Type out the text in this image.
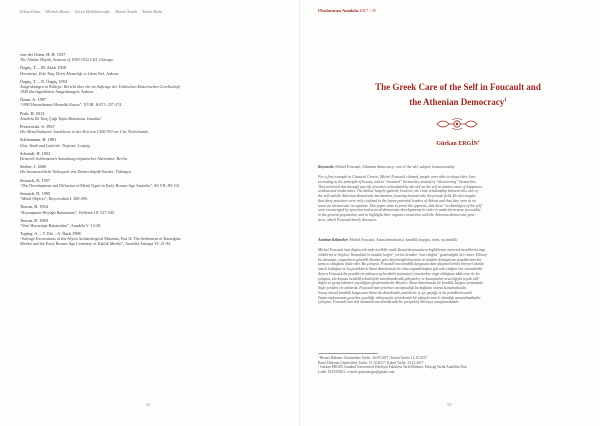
Erkan Fidan Michele Massa Gürcü Mollahmetoğlu Murat Öztürk Ahmet Bulut
von der Osten, H. H. 1937
The Alishar Hüyük, Seasons of 1930-1932 I-III, Chicago.
Özgüç, T. – M. Akok 1958
Horoztepe, Eski Tunç Devri Mezarlığı ve İskan Yeri, Ankara.
Özgüç, T. – N. Özgüç 1953
Ausgrabungen in Kültepe. Bericht über die im Auftrage der Türkischen Historischen Gesellschaft
1949 durchgeführten Ausgrabungen, Ankara.
Öztan, A. 1997
“1995 Havuzlarının Mezarlık Kazısı”, XVIII. KST I: 257-274.
Pirik, H. 2014
Anadolu İlk Tunç Çağı Toplu Buluntusu, İstanbul.
Przeworski, S. 1967
Die Metallindustrie Anatoliens in der Zeit von 1500-700 vor Chr, Netherlands.
Schliemann, H. 1881
Ilios, Stadt und Land der Trojaner, Leipzig.
Schmidt, H. 1902
Heinrich Schliemann’s Sammlung trojanischer Altertümer, Berlin.
Seeher, J. 2000
Die bronzezeitliche Nekropole von Demircihüyük-Sarıket, Tübingen.
Smouch, D. 1957
“The Development and Diffusion of Metal Types in Early Bronze Age Anatolia”, AS VII: 89-113.
Smouch, D. 1995
“Metal Objects”, Beycesultan I: 280-290.
Tezcan, B. 1954
“Koyunpınar Höyüğü Buluntuları”, Belleten 18: 327-330.
Tezcan, B. 1960
“Yeni Horoztepe Buluntuları”, Anadolu V: 13-38.
Topbaş, A. – T. Efe – A. İlaslı 1998
“Salvage Excavations of the Afyon Archaeological Museum, Part II: The Settlement of Karaoğlan
Mevkii and the Early Bronze Age Cemetery of Kaklık Mevkii”, Anatolia Antiqua VI: 21-94.
52
Uluslararası Anadolu 2017 / 35
The Greek Care of the Self in Foucault and
the Athenian Democracy$^1$
Gürkan ERGİN$^2$
Keywords: Michel Foucault, Athenian democracy, care of the self, subject, homosexuality
For a first example in Classical Greece, Michel Foucault claimed, people were able to shape their lives
according to the principle of beauty, and so “invented” themselves instead of “discovering” themselves.
They achieved this through specific practices articulated by the self on the self to attain a state of happiness,
wisdom and moderation. The thinker largely ignored, however, the close relationship between this care of
the self and the Athenian democratic mechanism, focusing instead only the private field. He also argues
that these practices were only confined to the future potential leaders of Athens and that they were in no
sense an aristocratic occupation. This paper aims to prove the opposite, that these “technologies of the self”
were encouraged by speeches and several democratic developments in order to make them more accessible
to the general population, and to highlight their organic connection with the Athenian democratic prac-
tices, which Foucault barely discusses.
Anahtar Kelimeler: Michel Foucault, Atina demokrasisi, kendilik kaygısı, özne, eşcinsellik
Michel Foucault’nun düşüncelerinde özellikle antik Yunan'da insanların kişiliklerini özenerek kendilerini inşa
ettiklerini ve böylece Yunanlılar'ın kendini keşfet“ yerine kendini “icat ettiğini” gösterdiğini ileri sürer. Filozof
bu durumun, yaşamların güzellik ilkesine göre biçimlendirilmesinin ve kendini dönüştürme pratiklerinin bir
sonucu olduğunu ifade eder. Bu çalışma, Foucault'nun kendilik kaygısına dair düşüncelerinin bireysel alanla
sınırlı kaldığını ve bu pratiklerin Atina demokrasisi ile olan organik bağını göz ardı ettiğini öne sürmektedir.
Ayrıca Foucault bu pratiklerin yalnızca gelecekteki potansiyel yöneticilere özgü olduğunu iddia etse de bu
çalışma, söz konusu kendilik teknolojilerinin demokratik gelişmeler ve konuşmalar aracılığıyla teşvik edil-
diğini ve geniş kitlelere yayıldığını göstermektedir. Böylece Atina demokrasisi ile kendilik kaygısı arasındaki
ilişki yeniden ele alınarak, Foucault'nun yeterince tartışmadığı bu bağlantı ortaya konulmaktadır.
Sonuç olarak kendilik kaygısının Atina’da demokratik pratiklerle iç içe geçtiği ve bu pratiklerin antik
Yunan toplumunun geneline yayıldığı, dolayısıyla aristokratik bir uğraşla sınırlı olmadığı savunulmaktadır.
Çalışma, Foucault'nun etik okumalarına demokratik bir perspektif eklemeyi amaçlamaktadır.
¹ Birinci Hakeme Gönderilme Tarihi: 26.09.2017 | Kabul Tarihi: 12.10.2017
İkinci Hakeme Gönderilme Tarihi: 13.10.2017 | Kabul Tarihi: 23.12.2017
² Gürkan ERGİN, İstanbul Üniversitesi Edebiyat Fakültesi Tarih Bölümü, Eskiçağ Tarihi Anabilim Dalı
Laleli, İSTANBUL, e-mail: gurkanergin@gmail.com
53
